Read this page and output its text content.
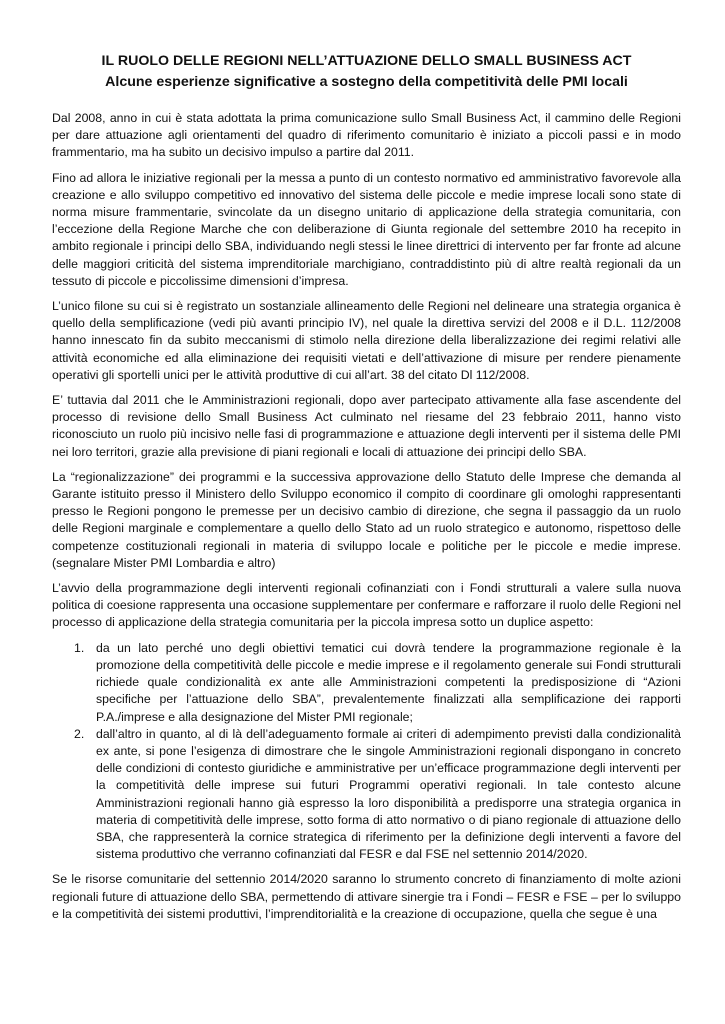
IL RUOLO DELLE REGIONI NELL’ATTUAZIONE DELLO SMALL BUSINESS ACT
Alcune esperienze significative a sostegno della competitività delle PMI locali

Dal 2008, anno in cui è stata adottata la prima comunicazione sullo Small Business Act, il cammino delle Regioni per dare attuazione agli orientamenti del quadro di riferimento comunitario è iniziato a piccoli passi e in modo frammentario, ma ha subito un decisivo impulso a partire dal 2011.

Fino ad allora le iniziative regionali per la messa a punto di un contesto normativo ed amministrativo favorevole alla creazione e allo sviluppo competitivo ed innovativo del sistema delle piccole e medie imprese locali sono state di norma misure frammentarie, svincolate da un disegno unitario di applicazione della strategia comunitaria, con l’eccezione della Regione Marche che con deliberazione di Giunta regionale del settembre 2010 ha recepito in ambito regionale i principi dello SBA, individuando negli stessi le linee direttrici di intervento per far fronte ad alcune delle maggiori criticità del sistema imprenditoriale marchigiano, contraddistinto più di altre realtà regionali da un tessuto di piccole e piccolissime dimensioni d’impresa.

L’unico filone su cui si è registrato un sostanziale allineamento delle Regioni nel delineare una strategia organica è quello della semplificazione (vedi più avanti principio IV), nel quale la direttiva servizi del 2008 e il D.L. 112/2008 hanno innescato fin da subito meccanismi di stimolo nella direzione della liberalizzazione dei regimi relativi alle attività economiche ed alla eliminazione dei requisiti vietati e dell’attivazione di misure per rendere pienamente operativi gli sportelli unici per le attività produttive di cui all’art. 38 del citato Dl 112/2008.

E’ tuttavia dal 2011 che le Amministrazioni regionali, dopo aver partecipato attivamente alla fase ascendente del processo di revisione dello Small Business Act culminato nel riesame del 23 febbraio 2011, hanno visto riconosciuto un ruolo più incisivo nelle fasi di programmazione e attuazione degli interventi per il sistema delle PMI nei loro territori, grazie alla previsione di piani regionali e locali di attuazione dei principi dello SBA.

La “regionalizzazione” dei programmi e la successiva approvazione dello Statuto delle Imprese che demanda al Garante istituito presso il Ministero dello Sviluppo economico il compito di coordinare gli omologhi rappresentanti presso le Regioni pongono le premesse per un decisivo cambio di direzione, che segna il passaggio da un ruolo delle Regioni marginale e complementare a quello dello Stato ad un ruolo strategico e autonomo, rispettoso delle competenze costituzionali regionali in materia di sviluppo locale e politiche per le piccole e medie imprese. (segnalare Mister PMI Lombardia e altro)

L’avvio della programmazione degli interventi regionali cofinanziati con i Fondi strutturali a valere sulla nuova politica di coesione rappresenta una occasione supplementare per confermare e rafforzare il ruolo delle Regioni nel processo di applicazione della strategia comunitaria per la piccola impresa sotto un duplice aspetto:

1. da un lato perché uno degli obiettivi tematici cui dovrà tendere la programmazione regionale è la promozione della competitività delle piccole e medie imprese e il regolamento generale sui Fondi strutturali richiede quale condizionalità ex ante alle Amministrazioni competenti la predisposizione di “Azioni specifiche per l’attuazione dello SBA”, prevalentemente finalizzati alla semplificazione dei rapporti P.A./imprese e alla designazione del Mister PMI regionale;
2. dall’altro in quanto, al di là dell’adeguamento formale ai criteri di adempimento previsti dalla condizionalità ex ante, si pone l’esigenza di dimostrare che le singole Amministrazioni regionali dispongano in concreto delle condizioni di contesto giuridiche e amministrative per un’efficace programmazione degli interventi per la competitività delle imprese sui futuri Programmi operativi regionali. In tale contesto alcune Amministrazioni regionali hanno già espresso la loro disponibilità a predisporre una strategia organica in materia di competitività delle imprese, sotto forma di atto normativo o di piano regionale di attuazione dello SBA, che rappresenterà la cornice strategica di riferimento per la definizione degli interventi a favore del sistema produttivo che verranno cofinanziati dal FESR e dal FSE nel settennio 2014/2020.

Se le risorse comunitarie del settennio 2014/2020 saranno lo strumento concreto di finanziamento di molte azioni regionali future di attuazione dello SBA, permettendo di attivare sinergie tra i Fondi – FESR e FSE – per lo sviluppo e la competitività dei sistemi produttivi, l’imprenditorialità e la creazione di occupazione, quella che segue è una
